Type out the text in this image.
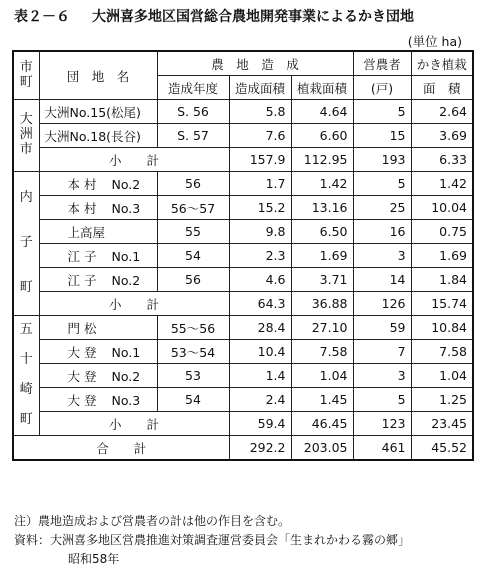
表２－６ 大洲喜多地区国営総合農地開発事業によるかき団地
(単位 ha)
市
町	団　地　名	農　地　造　成			営農者	かき植栽
		造成年度	造成面積	植栽面積	(戸)	面　積

大
洲
市	大洲No.15(松尾)	S. 56	5.8	4.64	5	2.64
	大洲No.18(長谷)	S. 57	7.6	6.60	15	3.69
	小　　計		157.9	112.95	193	6.33

内

子

町	本 村 No.2	56	1.7	1.42	5	1.42
	本 村 No.3	56〜57	15.2	13.16	25	10.04
	上高屋	55	9.8	6.50	16	0.75
	江 子 No.1	54	2.3	1.69	3	1.69
	江 子 No.2	56	4.6	3.71	14	1.84
	小　　計		64.3	36.88	126	15.74

五

十

崎

町	門 松	55〜56	28.4	27.10	59	10.84
	大 登 No.1	53〜54	10.4	7.58	7	7.58
	大 登 No.2	53	1.4	1.04	3	1.04
	大 登 No.3	54	2.4	1.45	5	1.25
	小　　計		59.4	46.45	123	23.45
合　　計			292.2	203.05	461	45.52
注）農地造成および営農者の計は他の作目を含む。
資料：大洲喜多地区営農推進対策調査運営委員会「生まれかわる霧の郷」
昭和58年
